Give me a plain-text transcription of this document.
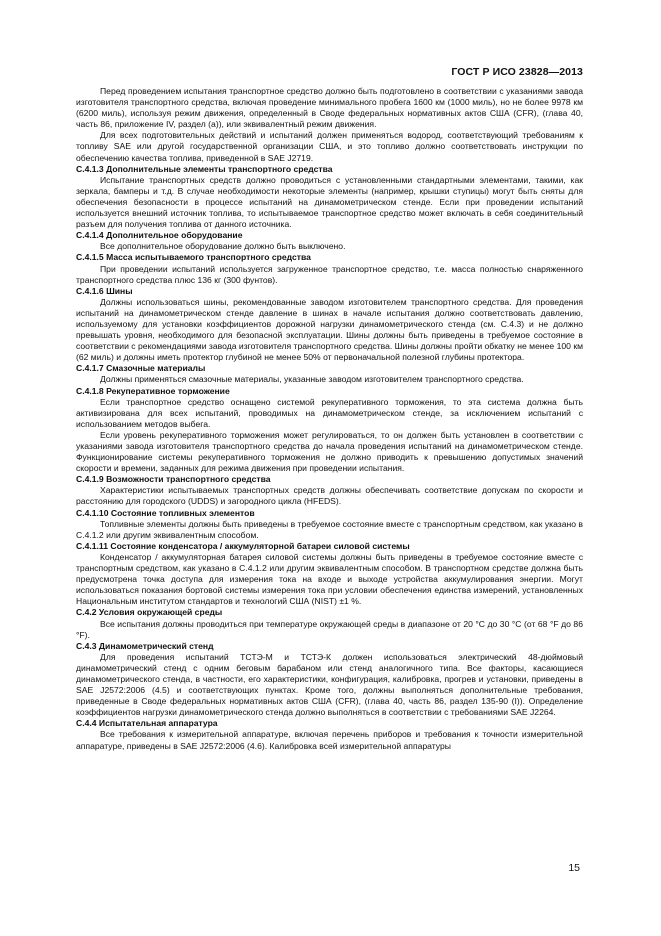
ГОСТ Р ИСО 23828—2013

Перед проведением испытания транспортное средство должно быть подготовлено в соответствии с указаниями завода изготовителя транспортного средства, включая проведение минимального пробега 1600 км (1000 миль), но не более 9978 км (6200 миль), используя режим движения, определенный в Своде федеральных нормативных актов США (CFR), (глава 40, часть 86, приложение IV, раздел (a)), или эквивалентный режим движения.

Для всех подготовительных действий и испытаний должен применяться водород, соответствующий требованиям к топливу SAE или другой государственной организации США, и это топливо должно соответствовать инструкции по обеспечению качества топлива, приведенной в SAE J2719.

С.4.1.3 Дополнительные элементы транспортного средства

Испытание транспортных средств должно проводиться с установленными стандартными элементами, такими, как зеркала, бамперы и т.д. В случае необходимости некоторые элементы (например, крышки ступицы) могут быть сняты для обеспечения безопасности в процессе испытаний на динамометрическом стенде. Если при проведении испытаний используется внешний источник топлива, то испытываемое транспортное средство может включать в себя соединительный разъем для получения топлива от данного источника.

С.4.1.4 Дополнительное оборудование

Все дополнительное оборудование должно быть выключено.

С.4.1.5 Масса испытываемого транспортного средства

При проведении испытаний используется загруженное транспортное средство, т.е. масса полностью снаряженного транспортного средства плюс 136 кг (300 фунтов).

С.4.1.6 Шины

Должны использоваться шины, рекомендованные заводом изготовителем транспортного средства. Для проведения испытаний на динамометрическом стенде давление в шинах в начале испытания должно соответствовать давлению, используемому для установки коэффициентов дорожной нагрузки динамометрического стенда (см. С.4.3) и не должно превышать уровня, необходимого для безопасной эксплуатации. Шины должны быть приведены в требуемое состояние в соответствии с рекомендациями завода изготовителя транспортного средства. Шины должны пройти обкатку не менее 100 км (62 миль) и должны иметь протектор глубиной не менее 50% от первоначальной полезной глубины протектора.

С.4.1.7 Смазочные материалы

Должны применяться смазочные материалы, указанные заводом изготовителем транспортного средства.

С.4.1.8 Рекуперативное торможение

Если транспортное средство оснащено системой рекуперативного торможения, то эта система должна быть активизирована для всех испытаний, проводимых на динамометрическом стенде, за исключением испытаний с использованием методов выбега.

Если уровень рекуперативного торможения может регулироваться, то он должен быть установлен в соответствии с указаниями завода изготовителя транспортного средства до начала проведения испытаний на динамометрическом стенде. Функционирование системы рекуперативного торможения не должно приводить к превышению допустимых значений скорости и времени, заданных для режима движения при проведении испытания.

С.4.1.9 Возможности транспортного средства

Характеристики испытываемых транспортных средств должны обеспечивать соответствие допускам по скорости и расстоянию для городского (UDDS) и загородного цикла (HFEDS).

С.4.1.10 Состояние топливных элементов

Топливные элементы должны быть приведены в требуемое состояние вместе с транспортным средством, как указано в С.4.1.2 или другим эквивалентным способом.

С.4.1.11 Состояние конденсатора / аккумуляторной батареи силовой системы

Конденсатор / аккумуляторная батарея силовой системы должны быть приведены в требуемое состояние вместе с транспортным средством, как указано в С.4.1.2 или другим эквивалентным способом. В транспортном средстве должна быть предусмотрена точка доступа для измерения тока на входе и выходе устройства аккумулирования энергии. Могут использоваться показания бортовой системы измерения тока при условии обеспечения единства измерений, установленных Национальным институтом стандартов и технологий США (NIST) ±1 %.

С.4.2 Условия окружающей среды

Все испытания должны проводиться при температуре окружающей среды в диапазоне от 20 °С до 30 °С (от 68 °F до 86 °F).

С.4.3 Динамометрический стенд

Для проведения испытаний ТСТЭ-М и ТСТЭ-К должен использоваться электрический 48-дюймовый динамометрический стенд с одним беговым барабаном или стенд аналогичного типа. Все факторы, касающиеся динамометрического стенда, в частности, его характеристики, конфигурация, калибровка, прогрев и установки, приведены в SAE J2572:2006 (4.5) и соответствующих пунктах. Кроме того, должны выполняться дополнительные требования, приведенные в Своде федеральных нормативных актов США (CFR), (глава 40, часть 86, раздел 135-90 (I)). Определение коэффициентов нагрузки динамометрического стенда должно выполняться в соответствии с требованиями SAE J2264.

С.4.4 Испытательная аппаратура

Все требования к измерительной аппаратуре, включая перечень приборов и требования к точности измерительной аппаратуре, приведены в SAE J2572:2006 (4.6). Калибровка всей измерительной аппаратуры

15
